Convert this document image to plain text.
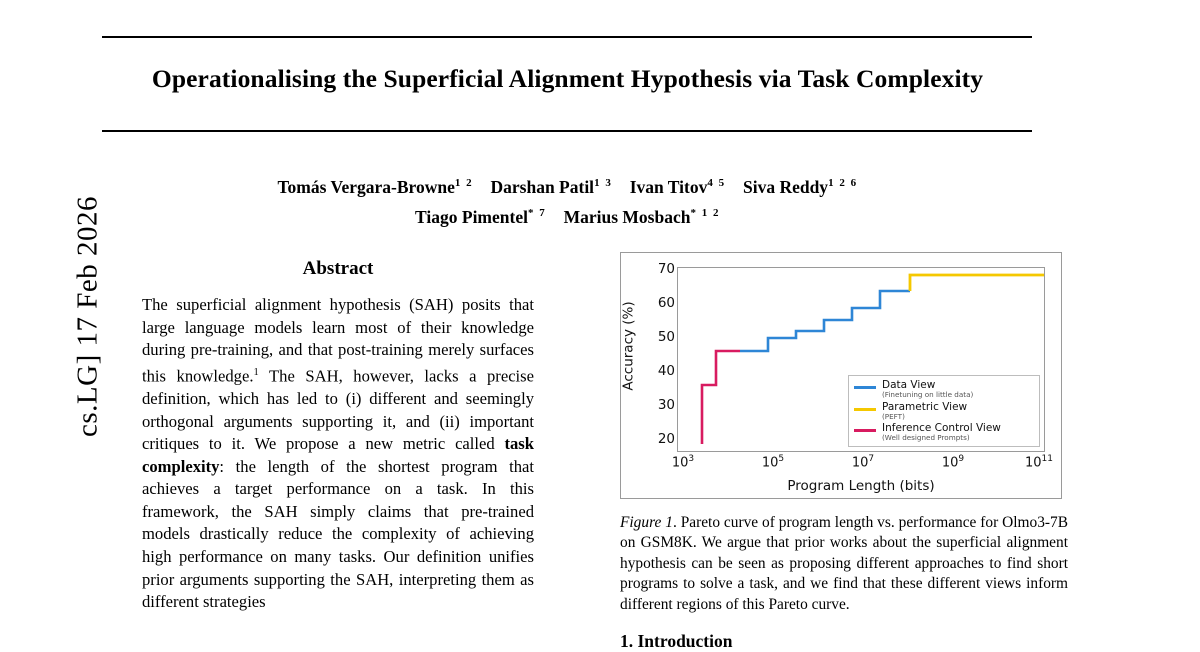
cs.LG] 17 Feb 2026
Operationalising the Superficial Alignment Hypothesis via Task Complexity
Tomás Vergara-Browne$^{1 2}$ Darshan Patil$^{1 3}$ Ivan Titov$^{4 5}$ Siva Reddy$^{1 2 6}$
Tiago Pimentel$^{* 7}$ Marius Mosbach$^{* 1 2}$
Abstract
The superficial alignment hypothesis (SAH) posits that large language models learn most of their knowledge during pre-training, and that post-training merely surfaces this knowledge.$^1$ The SAH, however, lacks a precise definition, which has led to (i) different and seemingly orthogonal arguments supporting it, and (ii) important critiques to it. We propose a new metric called task complexity: the length of the shortest program that achieves a target performance on a task. In this framework, the SAH simply claims that pre-trained models drastically reduce the complexity of achieving high performance on many tasks. Our definition unifies prior arguments supporting the SAH, interpreting them as different strategies
Accuracy (%)
70
60
50
40
30
20
Data View
(Finetuning on little data)
Parametric View
(PEFT)
Inference Control View
(Well designed Prompts)
$10^3$	$10^5$	$10^7$	$10^9$	$10^{11}$
Program Length (bits)
Figure 1. Pareto curve of program length vs. performance for Olmo3-7B on GSM8K. We argue that prior works about the superficial alignment hypothesis can be seen as proposing different approaches to find short programs to solve a task, and we find that these different views inform different regions of this Pareto curve.
1. Introduction
